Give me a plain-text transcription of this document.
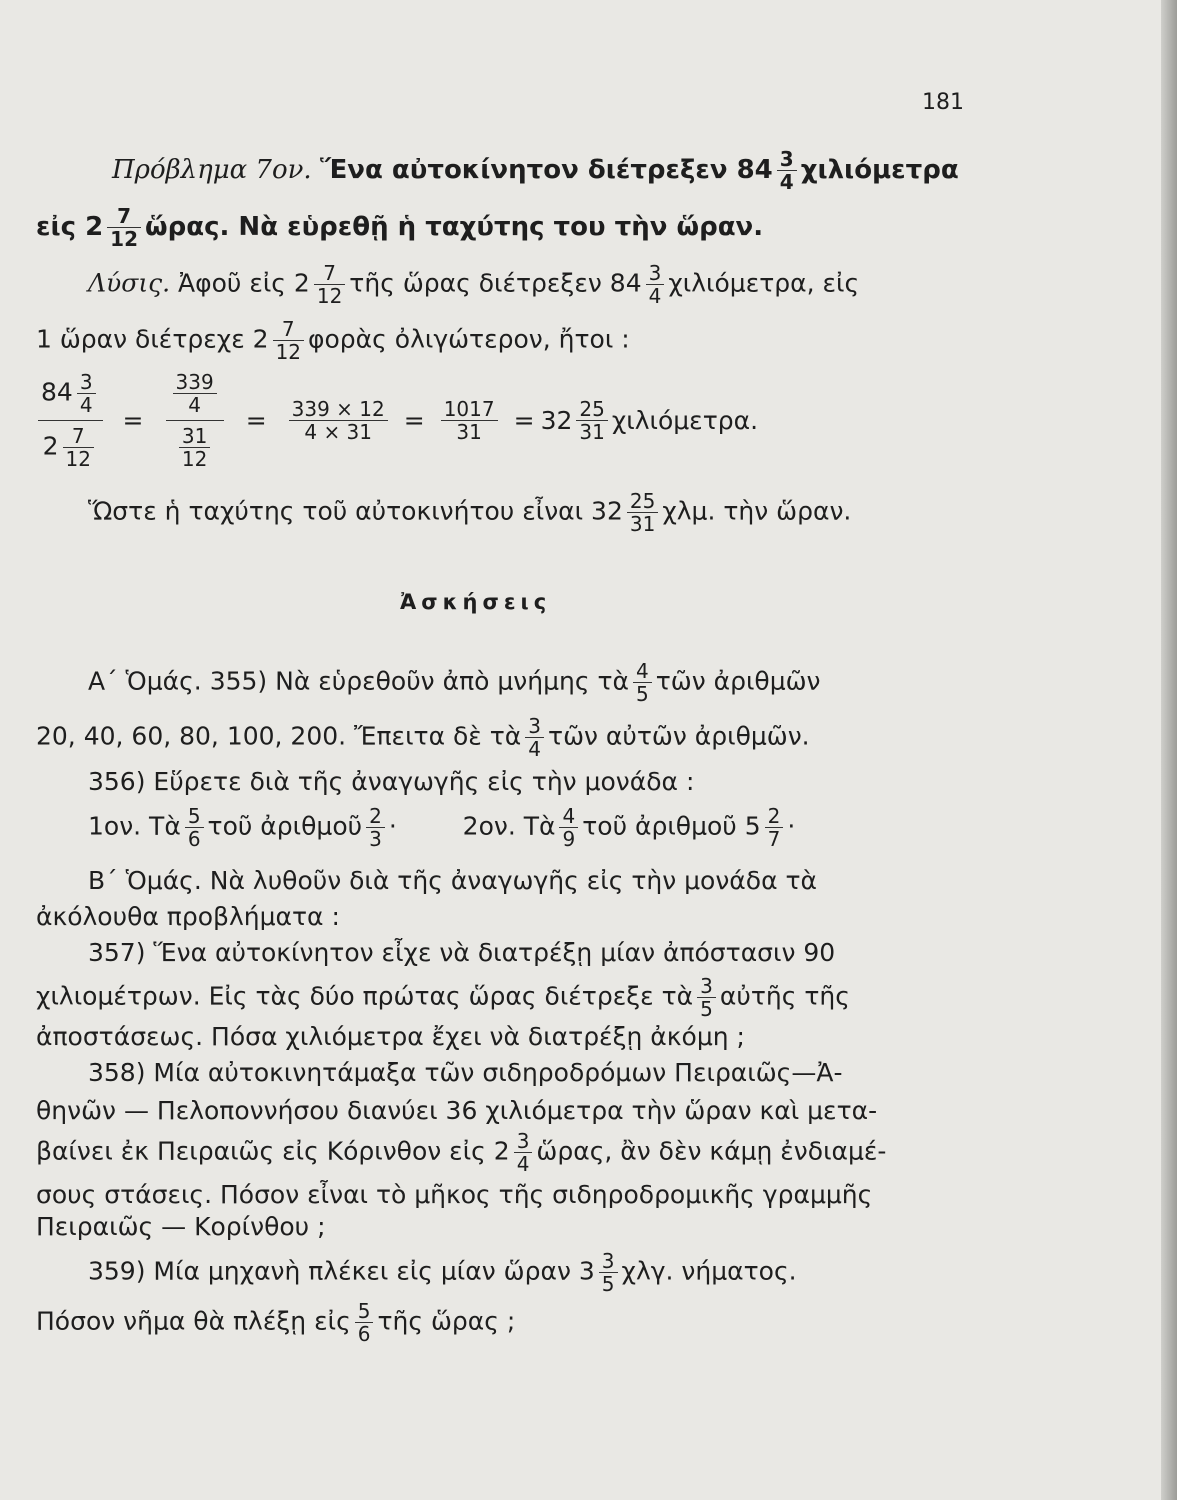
181
Πρόβλημα 7ον. Ἕνα αὐτοκίνητον διέτρεξεν $84 \frac{3}{4}$ χιλιόμετρα
εἰς $2 \frac{7}{12}$ ὥρας. Νὰ εὑρεθῇ ἡ ταχύτης του τὴν ὥραν.
Λύσις. Ἀφοῦ εἰς $2 \frac{7}{12}$ τῆς ὥρας διέτρεξεν $84 \frac{3}{4} \chi\iota\lambda\iota ό\mu\varepsilon\tau\rho\alpha$, εἰς
1 ὥραν διέτρεχε $2 \frac{7}{12}$ φορὰς ὀλιγώτερον, ἤτοι :
$\frac{84 \frac{3}{4}}{2 \frac{7}{12}} = \frac{\frac{339}{4}}{\frac{31}{12}} = \frac{339 \times 12}{4 \times 31} = \frac{1017}{31} = 32 \frac{25}{31} \chi\iota\lambda\iota ό\mu\varepsilon\tau\rho\alpha$.
Ὥστε ἡ ταχύτης τοῦ αὐτοκινήτου εἶναι $32 \frac{25}{31} \chi\lambda\mu$. τὴν ὥραν.
Ἀσκήσεις
Α΄ Ὁμάς. 355) Νὰ εὑρεθοῦν ἀπὸ μνήμης τὰ $\frac{4}{5}$ τῶν ἀριθμῶν
20, 40, 60, 80, 100, 200. Ἔπειτα δὲ τὰ $\frac{3}{4}$ τῶν αὐτῶν ἀριθμῶν.
356) Εὕρετε διὰ τῆς ἀναγωγῆς εἰς τὴν μονάδα :
1ον. Τὰ $\frac{5}{6}$ τοῦ ἀριθμοῦ $\frac{2}{3}$ ·	2ον. Τὰ $\frac{4}{9}$ τοῦ ἀριθμοῦ $5 \frac{2}{7}$ ·
Β΄ Ὁμάς. Νὰ λυθοῦν διὰ τῆς ἀναγωγῆς εἰς τὴν μονάδα τὰ
ἀκόλουθα προβλήματα :
357) Ἕνα αὐτοκίνητον εἶχε νὰ διατρέξῃ μίαν ἀπόστασιν 90
χιλιομέτρων. Εἰς τὰς δύο πρώτας ὥρας διέτρεξε τὰ $\frac{3}{5}$ αὐτῆς τῆς
ἀποστάσεως. Πόσα χιλιόμετρα ἔχει νὰ διατρέξῃ ἀκόμη ;
358) Μία αὐτοκινητάμαξα τῶν σιδηροδρόμων Πειραιῶς—Ἀ-
θηνῶν — Πελοποννήσου διανύει 36 χιλιόμετρα τὴν ὥραν καὶ μετα-
βαίνει ἐκ Πειραιῶς εἰς Κόρινθον εἰς $2 \frac{3}{4}$ ὥρας, ἂν δὲν κάμῃ ἐνδιαμέ-
σους στάσεις. Πόσον εἶναι τὸ μῆκος τῆς σιδηροδρομικῆς γραμμῆς
Πειραιῶς — Κορίνθου ;
359) Μία μηχανὴ πλέκει εἰς μίαν ὥραν $3 \frac{3}{5} \chi\lambda\gamma$. νήματος.
Πόσον νῆμα θὰ πλέξῃ εἰς $\frac{5}{6}$ τῆς ὥρας ;
